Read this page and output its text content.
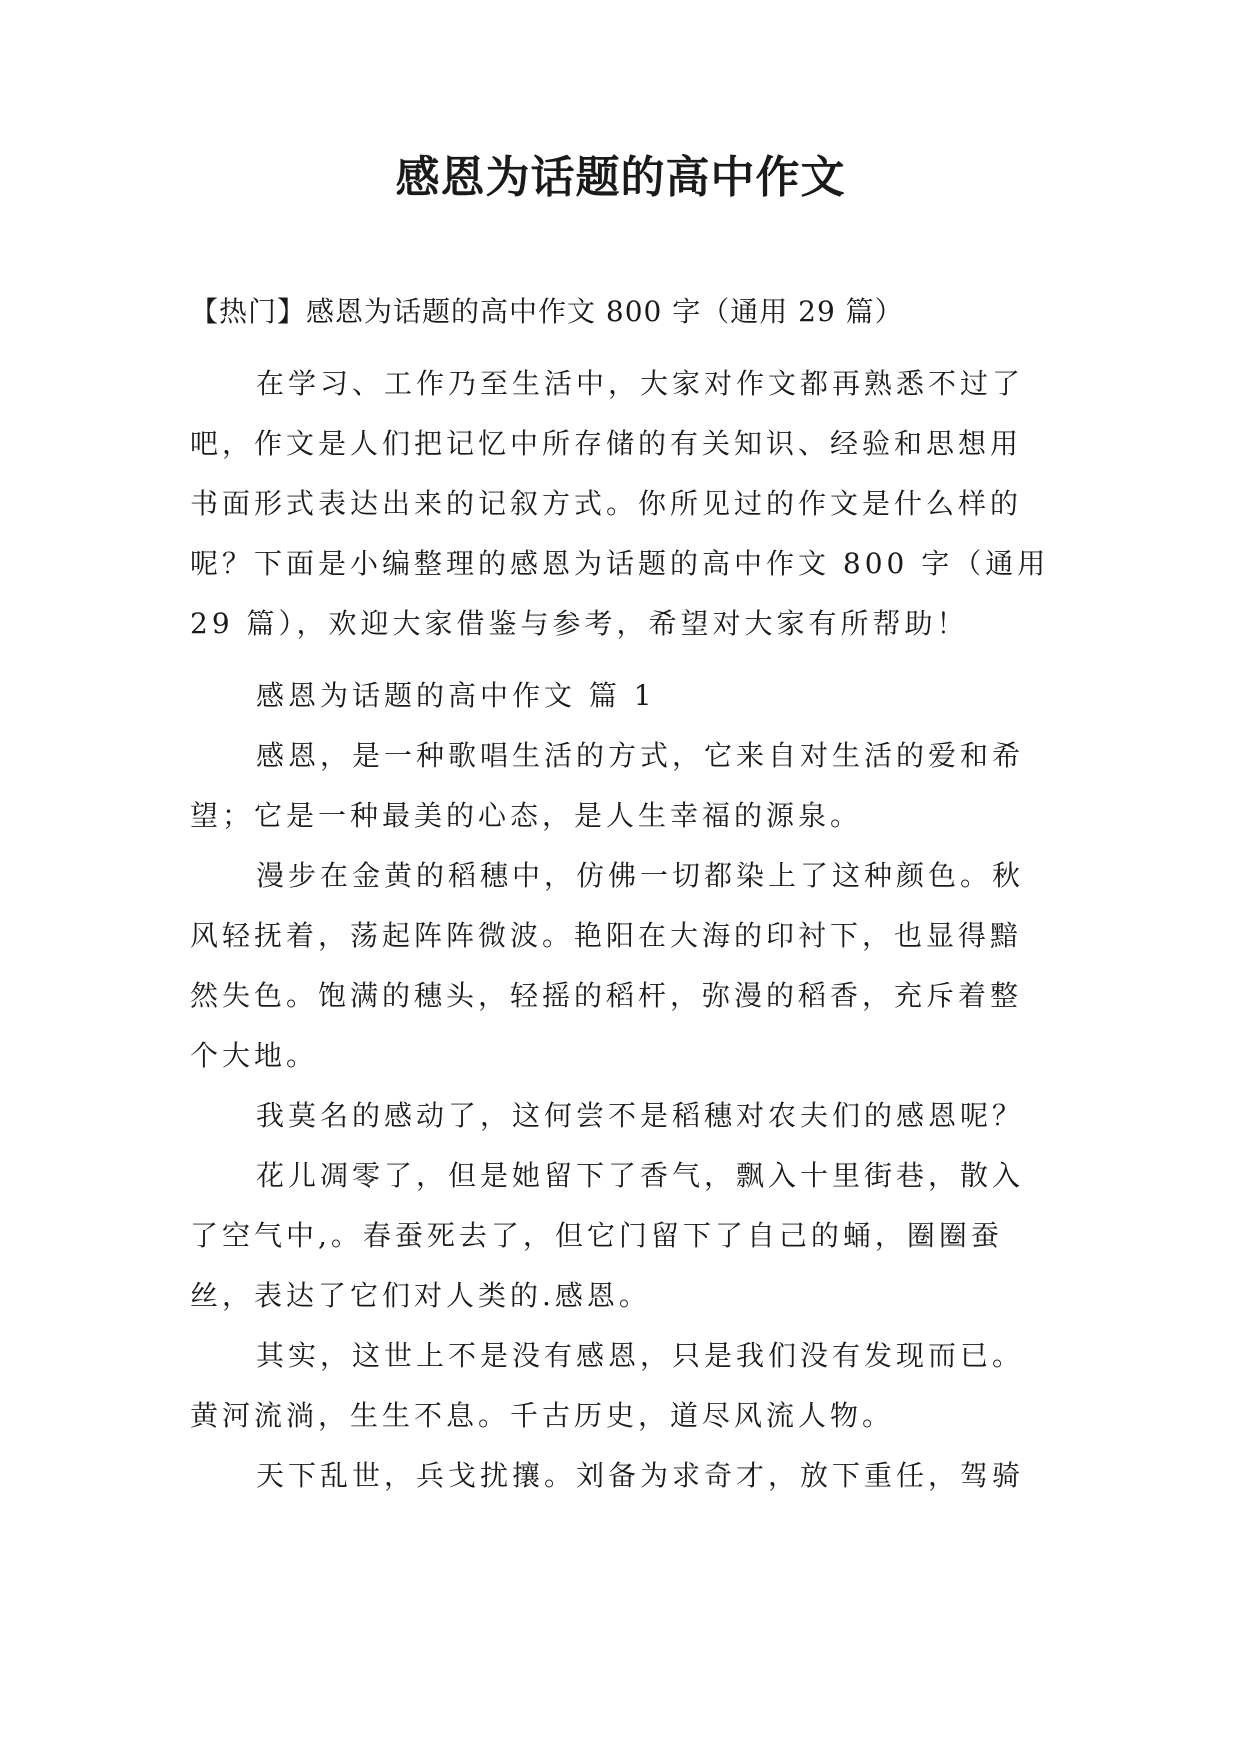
感恩为话题的高中作文
【热门】感恩为话题的高中作文 800 字（通用 29 篇）
在学习、工作乃至生活中，大家对作文都再熟悉不过了
吧，作文是人们把记忆中所存储的有关知识、经验和思想用
书面形式表达出来的记叙方式。你所见过的作文是什么样的
呢？下面是小编整理的感恩为话题的高中作文 800 字（通用
29 篇），欢迎大家借鉴与参考，希望对大家有所帮助！
感恩为话题的高中作文 篇 1
感恩，是一种歌唱生活的方式，它来自对生活的爱和希
望；它是一种最美的心态，是人生幸福的源泉。
漫步在金黄的稻穗中，仿佛一切都染上了这种颜色。秋
风轻抚着，荡起阵阵微波。艳阳在大海的印衬下，也显得黯
然失色。饱满的穗头，轻摇的稻杆，弥漫的稻香，充斥着整
个大地。
我莫名的感动了，这何尝不是稻穗对农夫们的感恩呢？
花儿凋零了，但是她留下了香气，飘入十里街巷，散入
了空气中,。春蚕死去了，但它门留下了自己的蛹，圈圈蚕
丝，表达了它们对人类的.感恩。
其实，这世上不是没有感恩，只是我们没有发现而已。
黄河流淌，生生不息。千古历史，道尽风流人物。
天下乱世，兵戈扰攘。刘备为求奇才，放下重任，驾骑
